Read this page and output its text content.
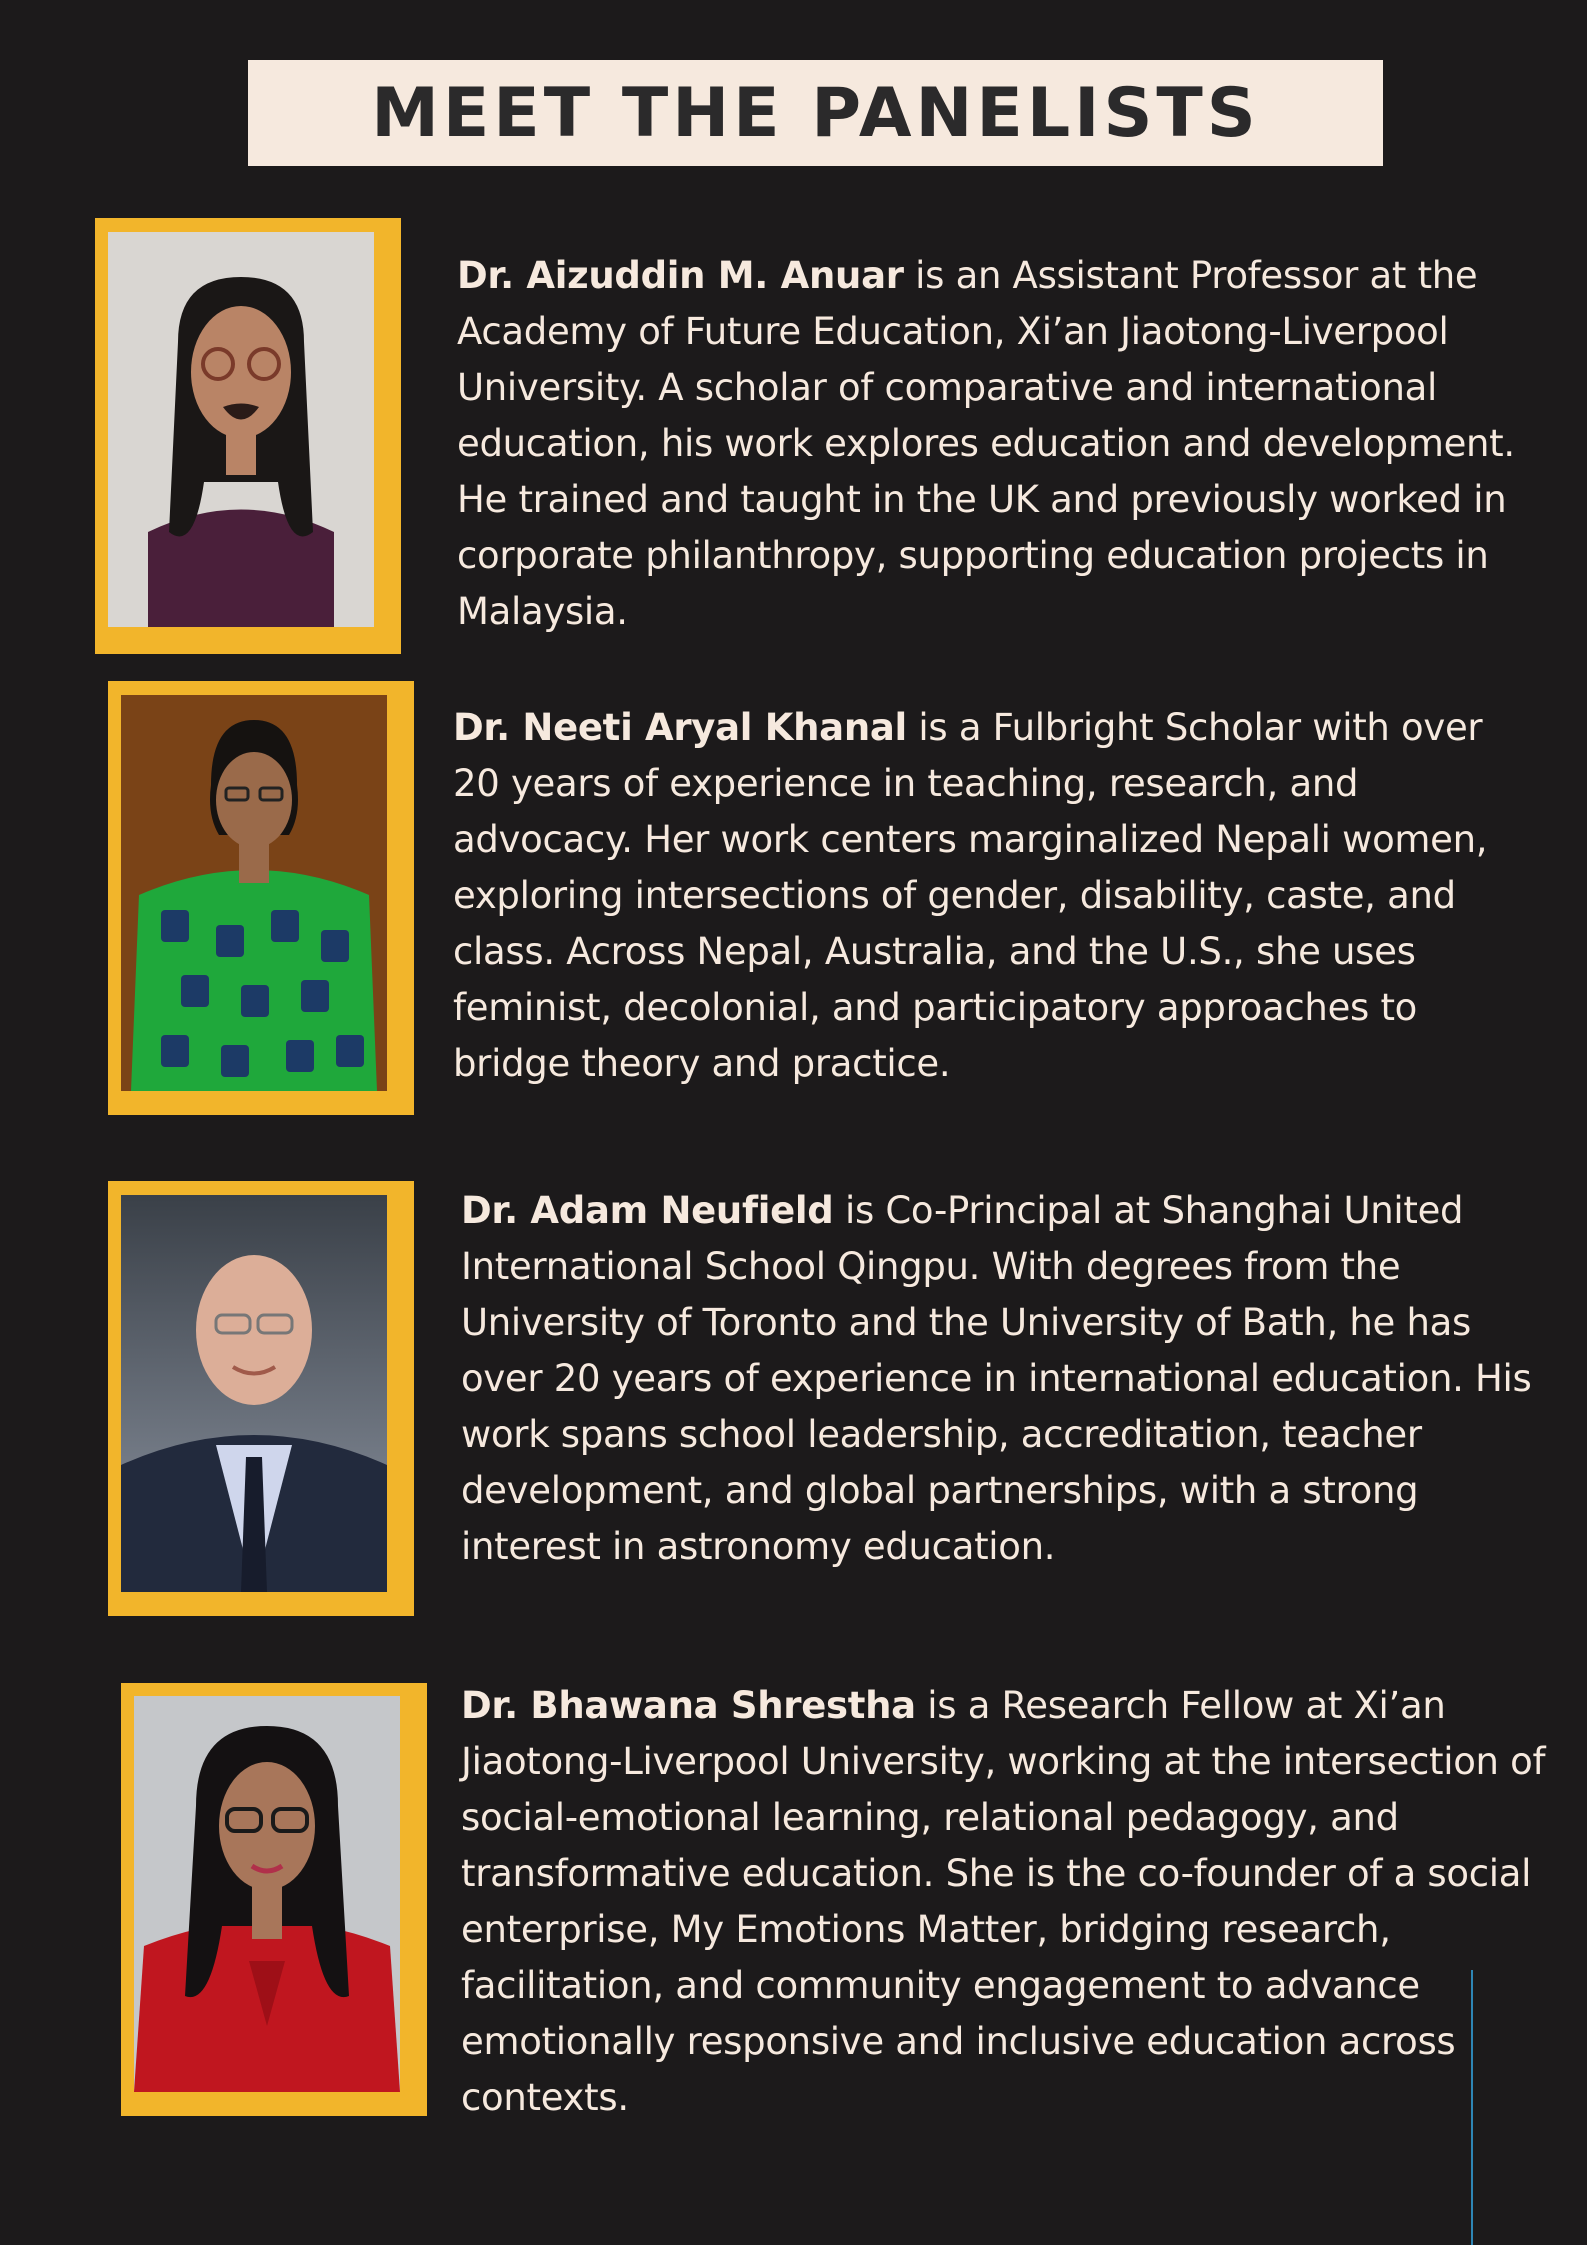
MEET THE PANELISTS

Dr. Aizuddin M. Anuar is an Assistant Professor at the Academy of Future Education, Xi’an Jiaotong-Liverpool University. A scholar of comparative and international education, his work explores education and development. He trained and taught in the UK and previously worked in corporate philanthropy, supporting education projects in Malaysia.

Dr. Neeti Aryal Khanal is a Fulbright Scholar with over 20 years of experience in teaching, research, and advocacy. Her work centers marginalized Nepali women, exploring intersections of gender, disability, caste, and class. Across Nepal, Australia, and the U.S., she uses feminist, decolonial, and participatory approaches to bridge theory and practice.

Dr. Adam Neufield is Co-Principal at Shanghai United International School Qingpu. With degrees from the University of Toronto and the University of Bath, he has over 20 years of experience in international education. His work spans school leadership, accreditation, teacher development, and global partnerships, with a strong interest in astronomy education.

Dr. Bhawana Shrestha is a Research Fellow at Xi’an Jiaotong-Liverpool University, working at the intersection of social-emotional learning, relational pedagogy, and transformative education. She is the co-founder of a social enterprise, My Emotions Matter, bridging research, facilitation, and community engagement to advance emotionally responsive and inclusive education across contexts.
